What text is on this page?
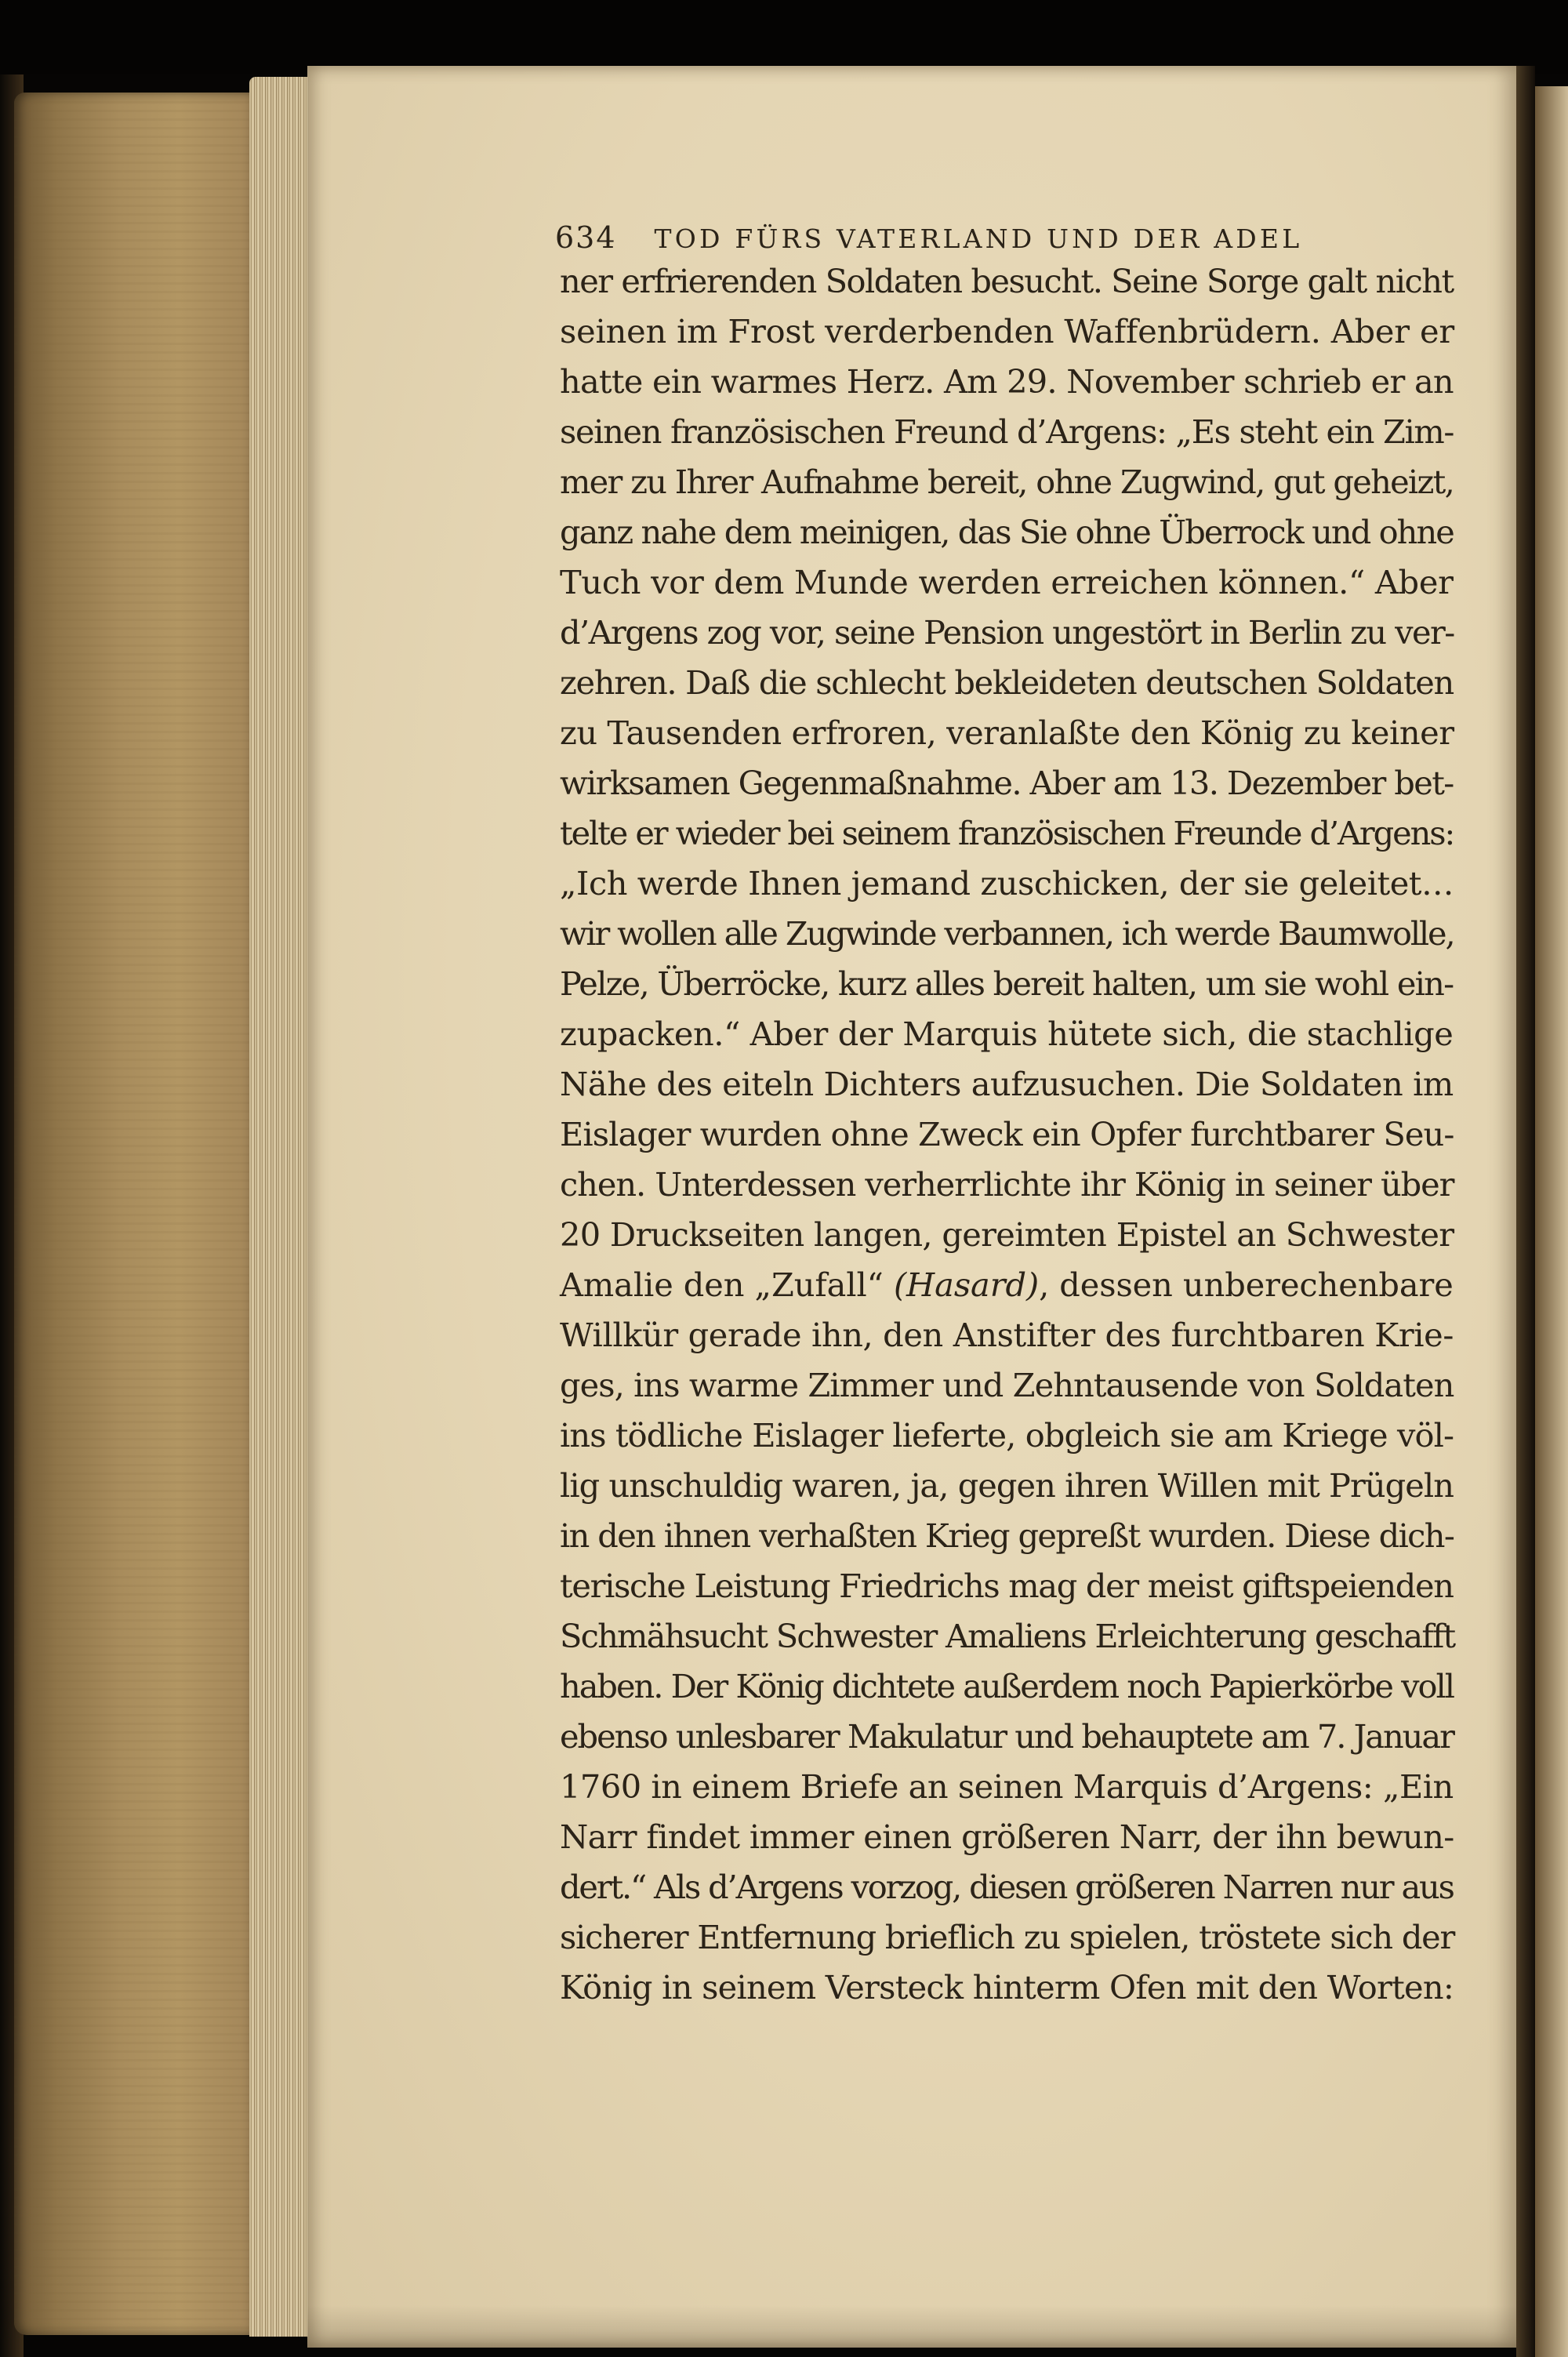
634 TOD FÜRS VATERLAND UND DER ADEL
ner erfrierenden Soldaten besucht. Seine Sorge galt nicht
seinen im Frost verderbenden Waffenbrüdern. Aber er
hatte ein warmes Herz. Am 29. November schrieb er an
seinen französischen Freund d’Argens: „Es steht ein Zim-
mer zu Ihrer Aufnahme bereit, ohne Zugwind, gut geheizt,
ganz nahe dem meinigen, das Sie ohne Überrock und ohne
Tuch vor dem Munde werden erreichen können.“ Aber
d’Argens zog vor, seine Pension ungestört in Berlin zu ver-
zehren. Daß die schlecht bekleideten deutschen Soldaten
zu Tausenden erfroren, veranlaßte den König zu keiner
wirksamen Gegenmaßnahme. Aber am 13. Dezember bet-
telte er wieder bei seinem französischen Freunde d’Argens:
„Ich werde Ihnen jemand zuschicken, der sie geleitet…
wir wollen alle Zugwinde verbannen, ich werde Baumwolle,
Pelze, Überröcke, kurz alles bereit halten, um sie wohl ein-
zupacken.“ Aber der Marquis hütete sich, die stachlige
Nähe des eiteln Dichters aufzusuchen. Die Soldaten im
Eislager wurden ohne Zweck ein Opfer furchtbarer Seu-
chen. Unterdessen verherrlichte ihr König in seiner über
20 Druckseiten langen, gereimten Epistel an Schwester
Amalie den „Zufall“ (Hasard), dessen unberechenbare
Willkür gerade ihn, den Anstifter des furchtbaren Krie-
ges, ins warme Zimmer und Zehntausende von Soldaten
ins tödliche Eislager lieferte, obgleich sie am Kriege völ-
lig unschuldig waren, ja, gegen ihren Willen mit Prügeln
in den ihnen verhaßten Krieg gepreßt wurden. Diese dich-
terische Leistung Friedrichs mag der meist giftspeienden
Schmähsucht Schwester Amaliens Erleichterung geschafft
haben. Der König dichtete außerdem noch Papierkörbe voll
ebenso unlesbarer Makulatur und behauptete am 7. Januar
1760 in einem Briefe an seinen Marquis d’Argens: „Ein
Narr findet immer einen größeren Narr, der ihn bewun-
dert.“ Als d’Argens vorzog, diesen größeren Narren nur aus
sicherer Entfernung brieflich zu spielen, tröstete sich der
König in seinem Versteck hinterm Ofen mit den Worten:
